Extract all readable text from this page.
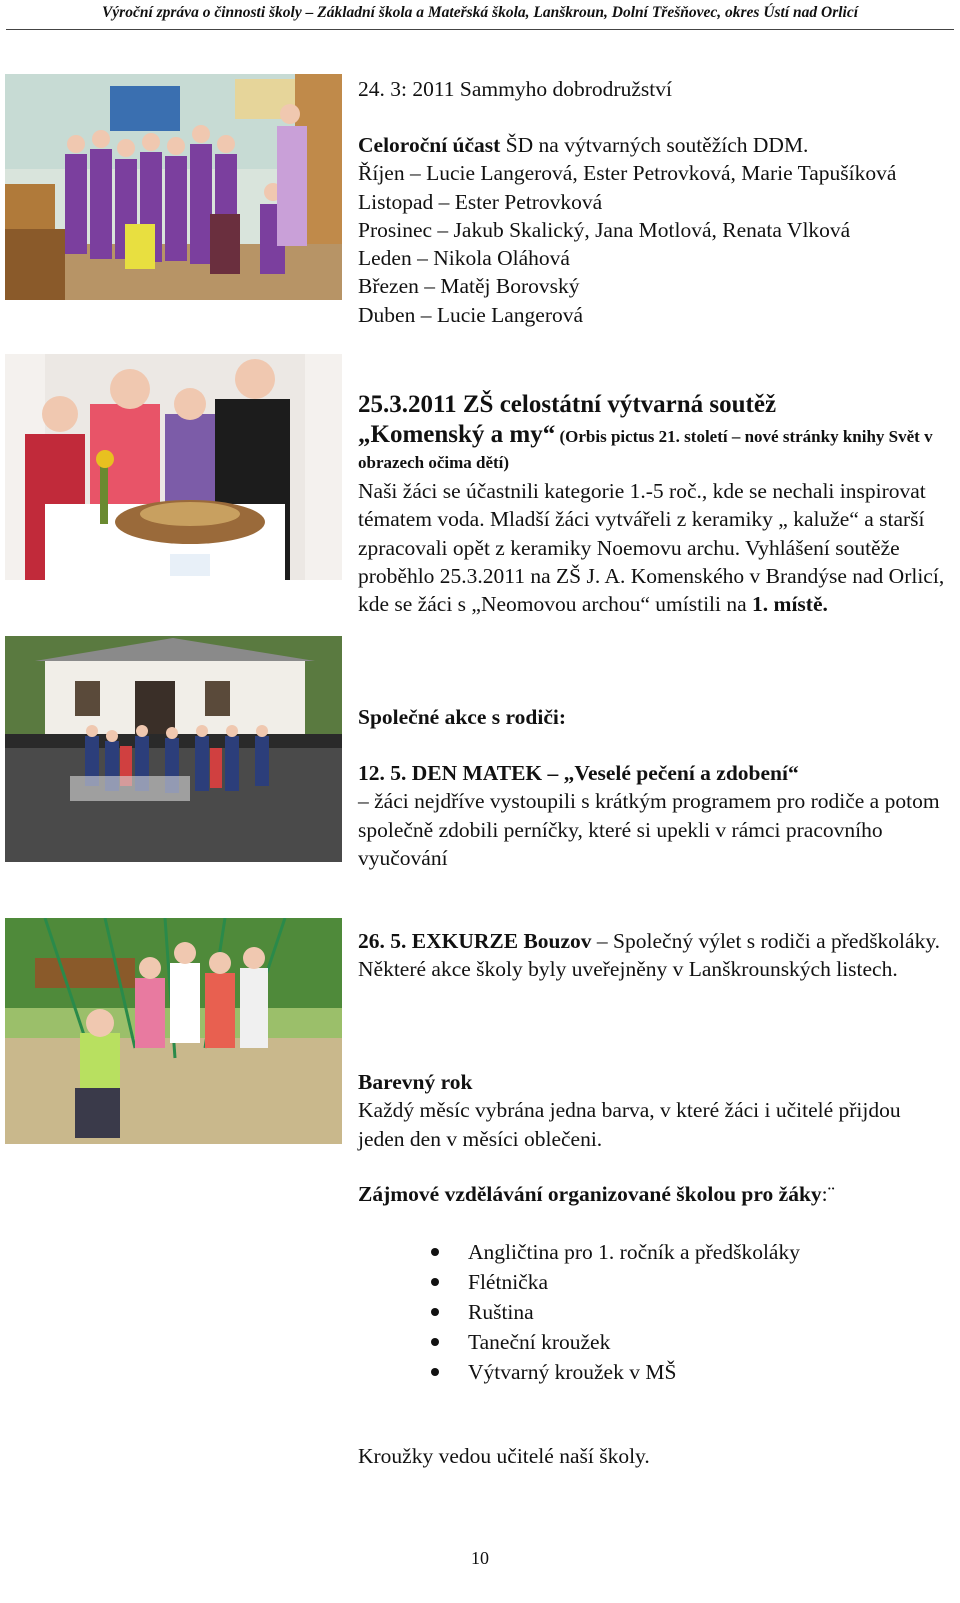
Výroční zpráva o činnosti školy – Základní škola a Mateřská škola, Lanškroun, Dolní Třešňovec, okres Ústí nad Orlicí

24. 3: 2011 Sammyho dobrodružství

Celoroční účast ŠD na výtvarných soutěžích DDM.

Říjen – Lucie Langerová, Ester Petrovková, Marie Tapušíková

Listopad – Ester Petrovková

Prosinec – Jakub Skalický, Jana Motlová, Renata Vlková

Leden – Nikola Oláhová

Březen – Matěj Borovský

Duben – Lucie Langerová

25.3.2011 ZŠ celostátní výtvarná soutěž

„Komenský a my“ (Orbis pictus 21. století – nové stránky knihy Svět v obrazech očima dětí)

Naši žáci se účastnili kategorie 1.-5 roč., kde se nechali inspirovat tématem voda. Mladší žáci vytvářeli z keramiky „ kalužе“ a starší zpracovali opět z keramiky Noemovu archu. Vyhlášení soutěže proběhlo 25.3.2011 na ZŠ J. A. Komenského v Brandýse nad Orlicí, kde se žáci s „Neomovou archou“ umístili na 1. místě.

Společné akce s rodiči:

12. 5. DEN MATEK – „Veselé pečení a zdobení“

– žáci nejdříve vystoupili s krátkým programem pro rodiče a potom společně zdobili perníčky, které si upekli v rámci pracovního vyučování

26. 5. EXKURZE Bouzov – Společný výlet s rodiči a předškoláky.

Některé akce školy byly uveřejněny v Lanškrounských listech.

Barevný rok

Každý měsíc vybrána jedna barva, v které žáci i učitelé přijdou jeden den v měsíci oblečeni.

Zájmové vzdělávání organizované školou pro žáky:¨

Angličtina pro 1. ročník a předškoláky
Flétnička
Ruština
Taneční kroužek
Výtvarný kroužek v MŠ

Kroužky vedou učitelé naší školy.

10
